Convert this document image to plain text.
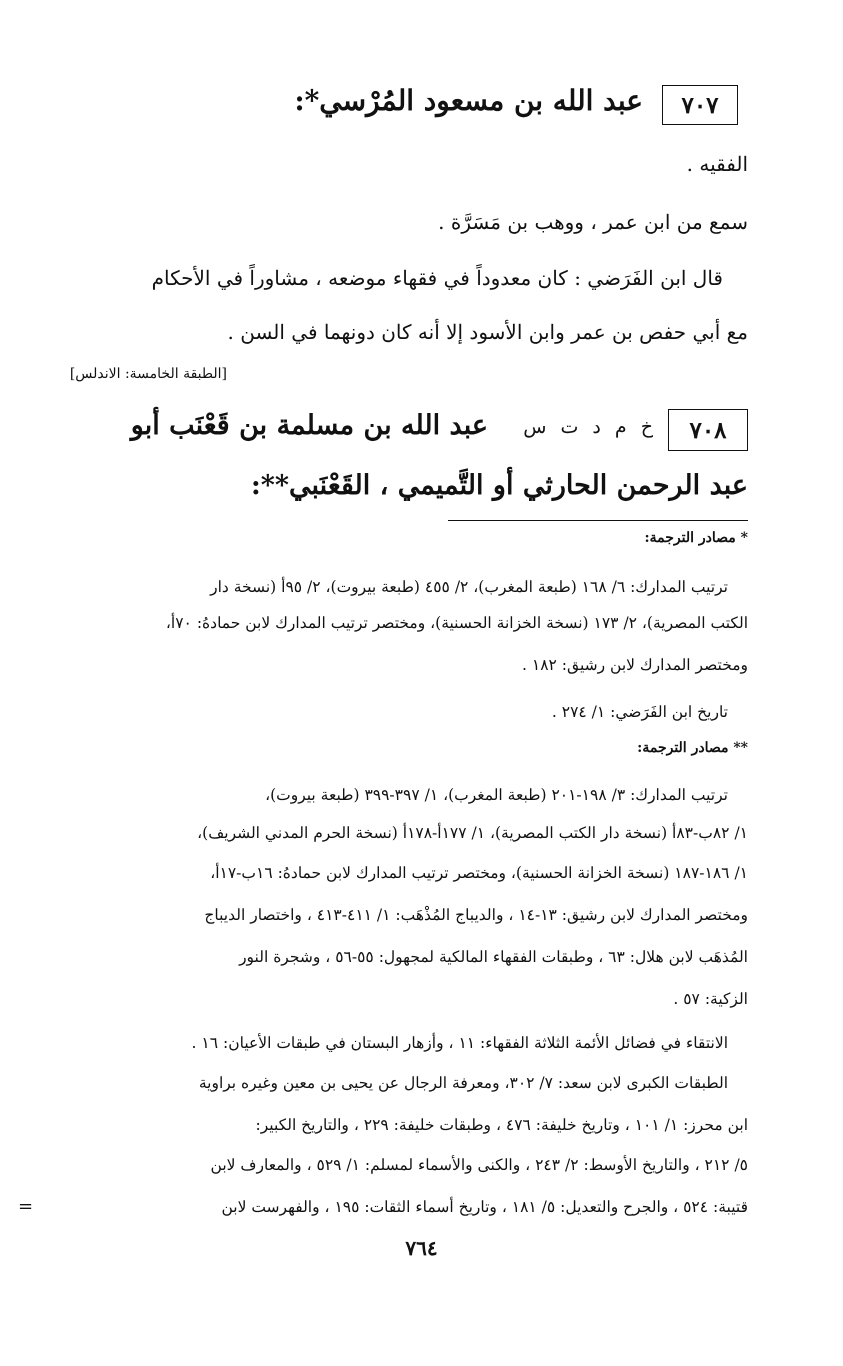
٧٠٧
عبد الله بن مسعود المُرْسي*:
الفقيه .
سمع من ابن عمر ، ووهب بن مَسَرَّة .
قال ابن الفَرَضي : كان معدوداً في فقهاء موضعه ، مشاوراً في الأحكام
مع أبي حفص بن عمر وابن الأسود إلا أنه كان دونهما في السن .
[الطبقة الخامسة: الاندلس]
٧٠٨
خ م د ت س
عبد الله بن مسلمة بن قَعْنَب أبو
عبد الرحمن الحارثي أو التَّميمي ، القَعْنَبي**:
* مصادر الترجمة:
ترتيب المدارك: ٦/ ١٦٨ (طبعة المغرب)، ٢/ ٤٥٥ (طبعة بيروت)، ٢/ ٩٥أ (نسخة دار
الكتب المصرية)، ٢/ ١٧٣ (نسخة الخزانة الحسنية)، ومختصر ترتيب المدارك لابن حمادهُ: ٧٠أ،
ومختصر المدارك لابن رشيق: ١٨٢ .
تاريخ ابن الفَرَضي: ١/ ٢٧٤ .
** مصادر الترجمة:
ترتيب المدارك: ٣/ ١٩٨-٢٠١ (طبعة المغرب)، ١/ ٣٩٧-٣٩٩ (طبعة بيروت)،
١/ ٨٢ب-٨٣أ (نسخة دار الكتب المصرية)، ١/ ١٧٧أ-١٧٨أ (نسخة الحرم المدني الشريف)،
١/ ١٨٦-١٨٧ (نسخة الخزانة الحسنية)، ومختصر ترتيب المدارك لابن حمادهُ: ١٦ب-١٧أ،
ومختصر المدارك لابن رشيق: ١٣-١٤ ، والديباج المُذْهَب: ١/ ٤١١-٤١٣ ، واختصار الديباج
المُذهَب لابن هلال: ٦٣ ، وطبقات الفقهاء المالكية لمجهول: ٥٥-٥٦ ، وشجرة النور
الزكية: ٥٧ .
الانتقاء في فضائل الأئمة الثلاثة الفقهاء: ١١ ، وأزهار البستان في طبقات الأعيان: ١٦ .
الطبقات الكبرى لابن سعد: ٧/ ٣٠٢، ومعرفة الرجال عن يحيى بن معين وغيره براوية
ابن محرز: ١/ ١٠١ ، وتاريخ خليفة: ٤٧٦ ، وطبقات خليفة: ٢٢٩ ، والتاريخ الكبير:
٥/ ٢١٢ ، والتاريخ الأوسط: ٢/ ٢٤٣ ، والكنى والأسماء لمسلم: ١/ ٥٢٩ ، والمعارف لابن
قتيبة: ٥٢٤ ، والجرح والتعديل: ٥/ ١٨١ ، وتاريخ أسماء الثقات: ١٩٥ ، والفهرست لابن
=
٧٦٤
